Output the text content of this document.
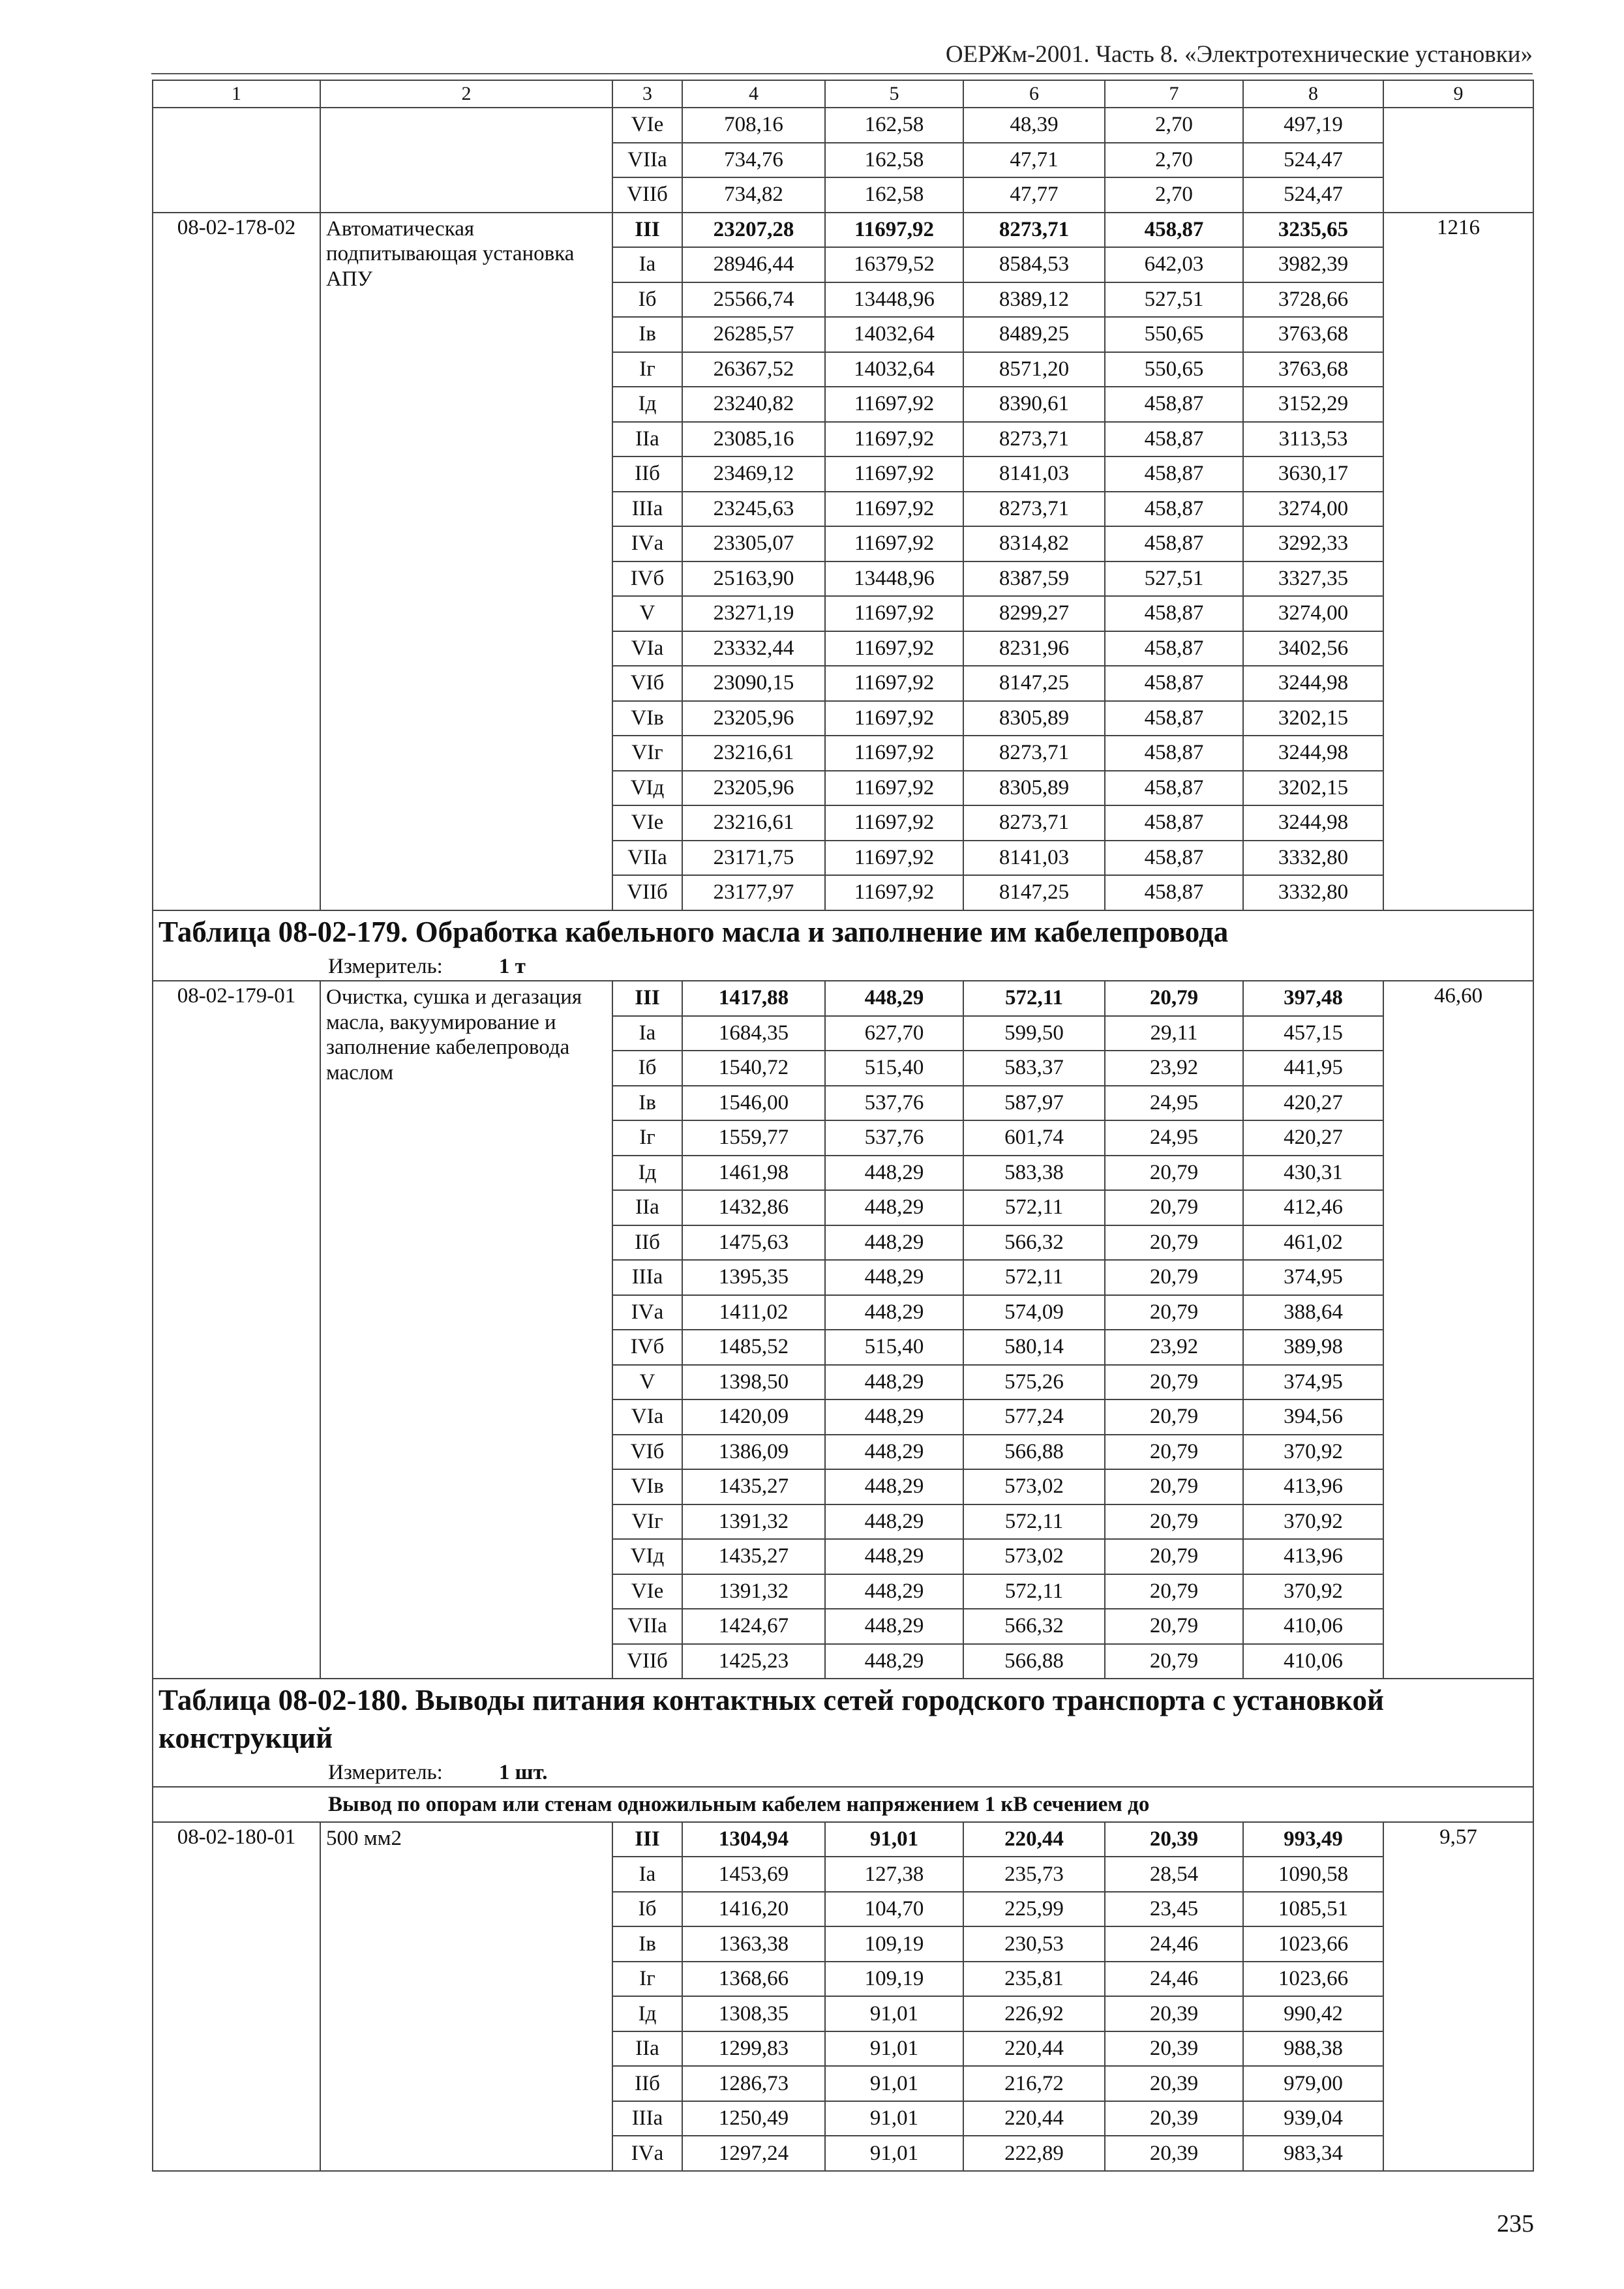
ОЕРЖм-2001. Часть 8. «Электротехнические установки»
1	2	3	4	5	6	7	8	9
		VIе	708,16	162,58	48,39	2,70	497,19	
		VIIа	734,76	162,58	47,71	2,70	524,47	
		VIIб	734,82	162,58	47,77	2,70	524,47	
08-02-178-02	Автоматическая подпитывающая установка АПУ	III	23207,28	11697,92	8273,71	458,87	3235,65	1216
		Iа	28946,44	16379,52	8584,53	642,03	3982,39	
		Iб	25566,74	13448,96	8389,12	527,51	3728,66	
		Iв	26285,57	14032,64	8489,25	550,65	3763,68	
		Iг	26367,52	14032,64	8571,20	550,65	3763,68	
		Iд	23240,82	11697,92	8390,61	458,87	3152,29	
		IIа	23085,16	11697,92	8273,71	458,87	3113,53	
		IIб	23469,12	11697,92	8141,03	458,87	3630,17	
		IIIа	23245,63	11697,92	8273,71	458,87	3274,00	
		IVа	23305,07	11697,92	8314,82	458,87	3292,33	
		IVб	25163,90	13448,96	8387,59	527,51	3327,35	
		V	23271,19	11697,92	8299,27	458,87	3274,00	
		VIа	23332,44	11697,92	8231,96	458,87	3402,56	
		VIб	23090,15	11697,92	8147,25	458,87	3244,98	
		VIв	23205,96	11697,92	8305,89	458,87	3202,15	
		VIг	23216,61	11697,92	8273,71	458,87	3244,98	
		VIд	23205,96	11697,92	8305,89	458,87	3202,15	
		VIе	23216,61	11697,92	8273,71	458,87	3244,98	
		VIIа	23171,75	11697,92	8141,03	458,87	3332,80	
		VIIб	23177,97	11697,92	8147,25	458,87	3332,80	

Таблица 08-02-179. Обработка кабельного масла и заполнение им кабелепровода
Измеритель: 1 т								

08-02-179-01	Очистка, сушка и дегазация масла, вакуумирование и заполнение кабелепровода маслом	III	1417,88	448,29	572,11	20,79	397,48	46,60
		Iа	1684,35	627,70	599,50	29,11	457,15	
		Iб	1540,72	515,40	583,37	23,92	441,95	
		Iв	1546,00	537,76	587,97	24,95	420,27	
		Iг	1559,77	537,76	601,74	24,95	420,27	
		Iд	1461,98	448,29	583,38	20,79	430,31	
		IIа	1432,86	448,29	572,11	20,79	412,46	
		IIб	1475,63	448,29	566,32	20,79	461,02	
		IIIа	1395,35	448,29	572,11	20,79	374,95	
		IVа	1411,02	448,29	574,09	20,79	388,64	
		IVб	1485,52	515,40	580,14	23,92	389,98	
		V	1398,50	448,29	575,26	20,79	374,95	
		VIа	1420,09	448,29	577,24	20,79	394,56	
		VIб	1386,09	448,29	566,88	20,79	370,92	
		VIв	1435,27	448,29	573,02	20,79	413,96	
		VIг	1391,32	448,29	572,11	20,79	370,92	
		VIд	1435,27	448,29	573,02	20,79	413,96	
		VIе	1391,32	448,29	572,11	20,79	370,92	
		VIIа	1424,67	448,29	566,32	20,79	410,06	
		VIIб	1425,23	448,29	566,88	20,79	410,06	

Таблица 08-02-180. Выводы питания контактных сетей городского транспорта с установкой конструкций
Измеритель: 1 шт.								

Вывод по опорам или стенам одножильным кабелем напряжением 1 кВ сечением до								
08-02-180-01	500 мм2	III	1304,94	91,01	220,44	20,39	993,49	9,57
		Iа	1453,69	127,38	235,73	28,54	1090,58	
		Iб	1416,20	104,70	225,99	23,45	1085,51	
		Iв	1363,38	109,19	230,53	24,46	1023,66	
		Iг	1368,66	109,19	235,81	24,46	1023,66	
		Iд	1308,35	91,01	226,92	20,39	990,42	
		IIа	1299,83	91,01	220,44	20,39	988,38	
		IIб	1286,73	91,01	216,72	20,39	979,00	
		IIIа	1250,49	91,01	220,44	20,39	939,04	
		IVа	1297,24	91,01	222,89	20,39	983,34	
235
